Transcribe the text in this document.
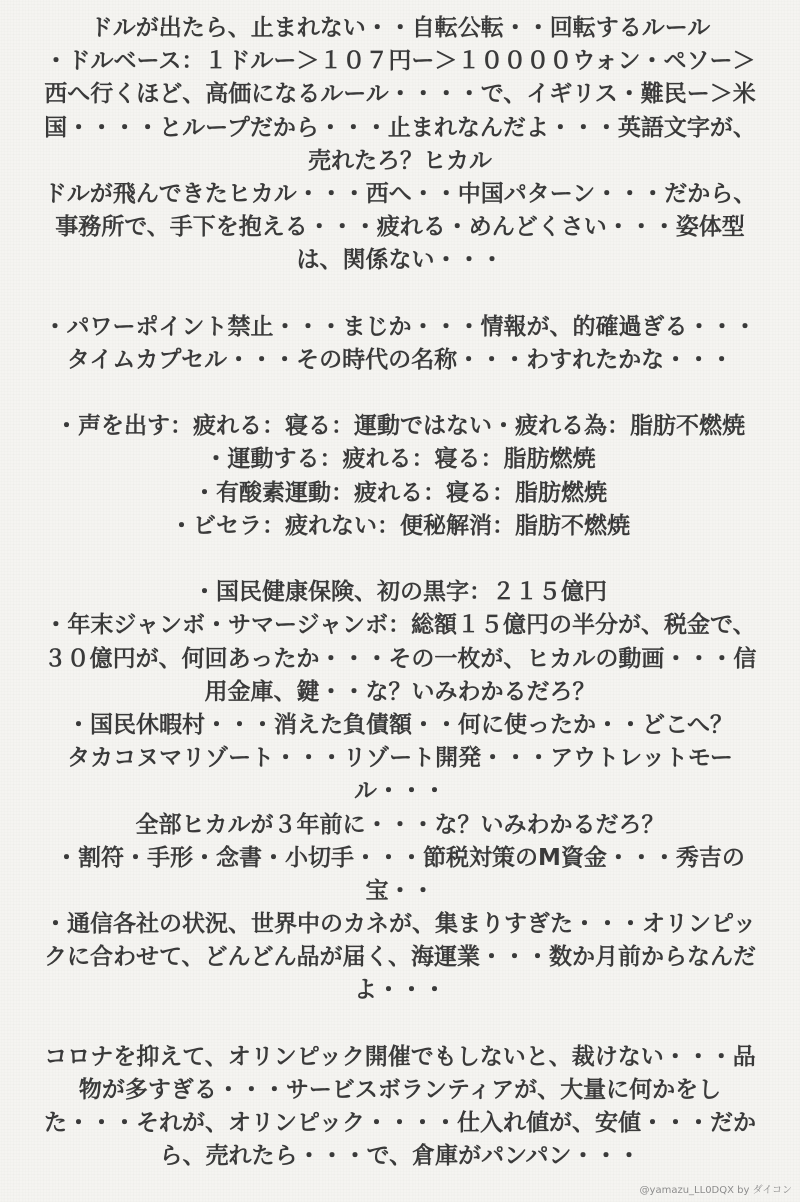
ドルが出たら、止まれない・・自転公転・・回転するルール
・ドルベース：１ドルー＞１０７円ー＞１００００ウォン・ペソー＞
西へ行くほど、高価になるルール・・・・で、イギリス・難民ー＞米
国・・・・とループだから・・・止まれなんだよ・・・英語文字が、
売れたろ？ヒカル
ドルが飛んできたヒカル・・・西へ・・中国パターン・・・だから、
事務所で、手下を抱える・・・疲れる・めんどくさい・・・姿体型
は、関係ない・・・
・パワーポイント禁止・・・まじか・・・情報が、的確過ぎる・・・
タイムカプセル・・・その時代の名称・・・わすれたかな・・・
・声を出す：疲れる：寝る：運動ではない・疲れる為：脂肪不燃焼
・運動する：疲れる：寝る：脂肪燃焼
・有酸素運動：疲れる：寝る：脂肪燃焼
・ビセラ：疲れない：便秘解消：脂肪不燃焼
・国民健康保険、初の黒字：２１５億円
・年末ジャンボ・サマージャンボ：総額１５億円の半分が、税金で、
３０億円が、何回あったか・・・その一枚が、ヒカルの動画・・・信
用金庫、鍵・・な？いみわかるだろ？
・国民休暇村・・・消えた負債額・・何に使ったか・・どこへ？
タカコヌマリゾート・・・リゾート開発・・・アウトレットモー
ル・・・
全部ヒカルが３年前に・・・な？いみわかるだろ？
・割符・手形・念書・小切手・・・節税対策のM資金・・・秀吉の
宝・・
・通信各社の状況、世界中のカネが、集まりすぎた・・・オリンピッ
クに合わせて、どんどん品が届く、海運業・・・数か月前からなんだ
よ・・・
コロナを抑えて、オリンピック開催でもしないと、裁けない・・・品
物が多すぎる・・・サービスボランティアが、大量に何かをし
た・・・それが、オリンピック・・・・仕入れ値が、安値・・・だか
ら、売れたら・・・で、倉庫がパンパン・・・
@yamazu_LL0DQX by ダイコン
